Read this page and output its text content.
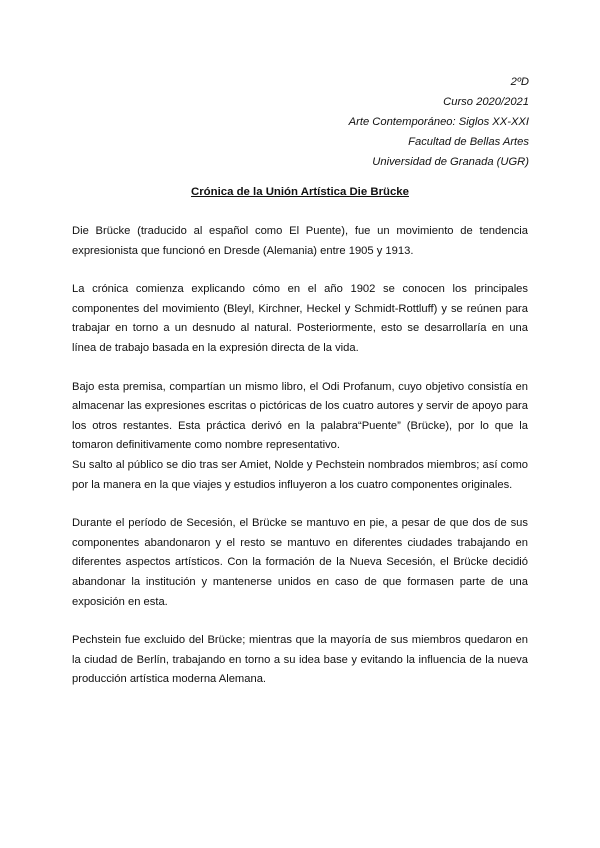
2ºD
Curso 2020/2021
Arte Contemporáneo: Siglos XX-XXI
Facultad de Bellas Artes
Universidad de Granada (UGR)
Crónica de la Unión Artística Die Brücke

Die Brücke (traducido al español como El Puente), fue un movimiento de tendencia expresionista que funcionó en Dresde (Alemania) entre 1905 y 1913.

La crónica comienza explicando cómo en el año 1902 se conocen los principales componentes del movimiento (Bleyl, Kirchner, Heckel y Schmidt-Rottluff) y se reúnen para trabajar en torno a un desnudo al natural. Posteriormente, esto se desarrollaría en una línea de trabajo basada en la expresión directa de la vida.

Bajo esta premisa, compartían un mismo libro, el Odi Profanum, cuyo objetivo consistía en almacenar las expresiones escritas o pictóricas de los cuatro autores y servir de apoyo para los otros restantes. Esta práctica derivó en la palabra“Puente” (Brücke), por lo que la tomaron definitivamente como nombre representativo.

Su salto al público se dio tras ser Amiet, Nolde y Pechstein nombrados miembros; así como por la manera en la que viajes y estudios influyeron a los cuatro componentes originales.

Durante el período de Secesión, el Brücke se mantuvo en pie, a pesar de que dos de sus componentes abandonaron y el resto se mantuvo en diferentes ciudades trabajando en diferentes aspectos artísticos. Con la formación de la Nueva Secesión, el Brücke decidió abandonar la institución y mantenerse unidos en caso de que formasen parte de una exposición en esta.

Pechstein fue excluido del Brücke; mientras que la mayoría de sus miembros quedaron en la ciudad de Berlín, trabajando en torno a su idea base y evitando la influencia de la nueva producción artística moderna Alemana.
